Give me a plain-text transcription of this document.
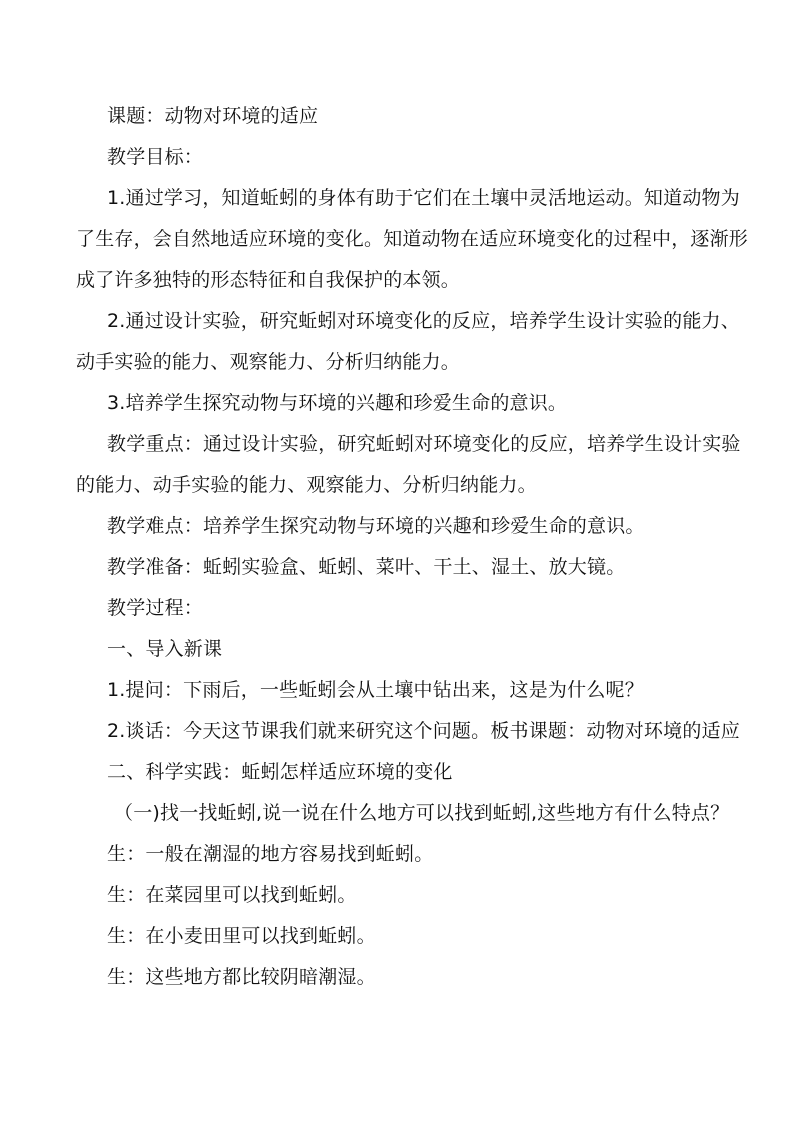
课题：动物对环境的适应
教学目标：
1.通过学习，知道蚯蚓的身体有助于它们在土壤中灵活地运动。知道动物为
了生存，会自然地适应环境的变化。知道动物在适应环境变化的过程中，逐渐形
成了许多独特的形态特征和自我保护的本领。
2.通过设计实验，研究蚯蚓对环境变化的反应，培养学生设计实验的能力、
动手实验的能力、观察能力、分析归纳能力。
3.培养学生探究动物与环境的兴趣和珍爱生命的意识。
教学重点：通过设计实验，研究蚯蚓对环境变化的反应，培养学生设计实验
的能力、动手实验的能力、观察能力、分析归纳能力。
教学难点：培养学生探究动物与环境的兴趣和珍爱生命的意识。
教学准备：蚯蚓实验盒、蚯蚓、菜叶、干土、湿土、放大镜。
教学过程：
一、导入新课
1.提问：下雨后，一些蚯蚓会从土壤中钻出来，这是为什么呢？
2.谈话：今天这节课我们就来研究这个问题。板书课题：动物对环境的适应
二、科学实践：蚯蚓怎样适应环境的变化
（一)找一找蚯蚓,说一说在什么地方可以找到蚯蚓,这些地方有什么特点？
生：一般在潮湿的地方容易找到蚯蚓。
生：在菜园里可以找到蚯蚓。
生：在小麦田里可以找到蚯蚓。
生：这些地方都比较阴暗潮湿。
